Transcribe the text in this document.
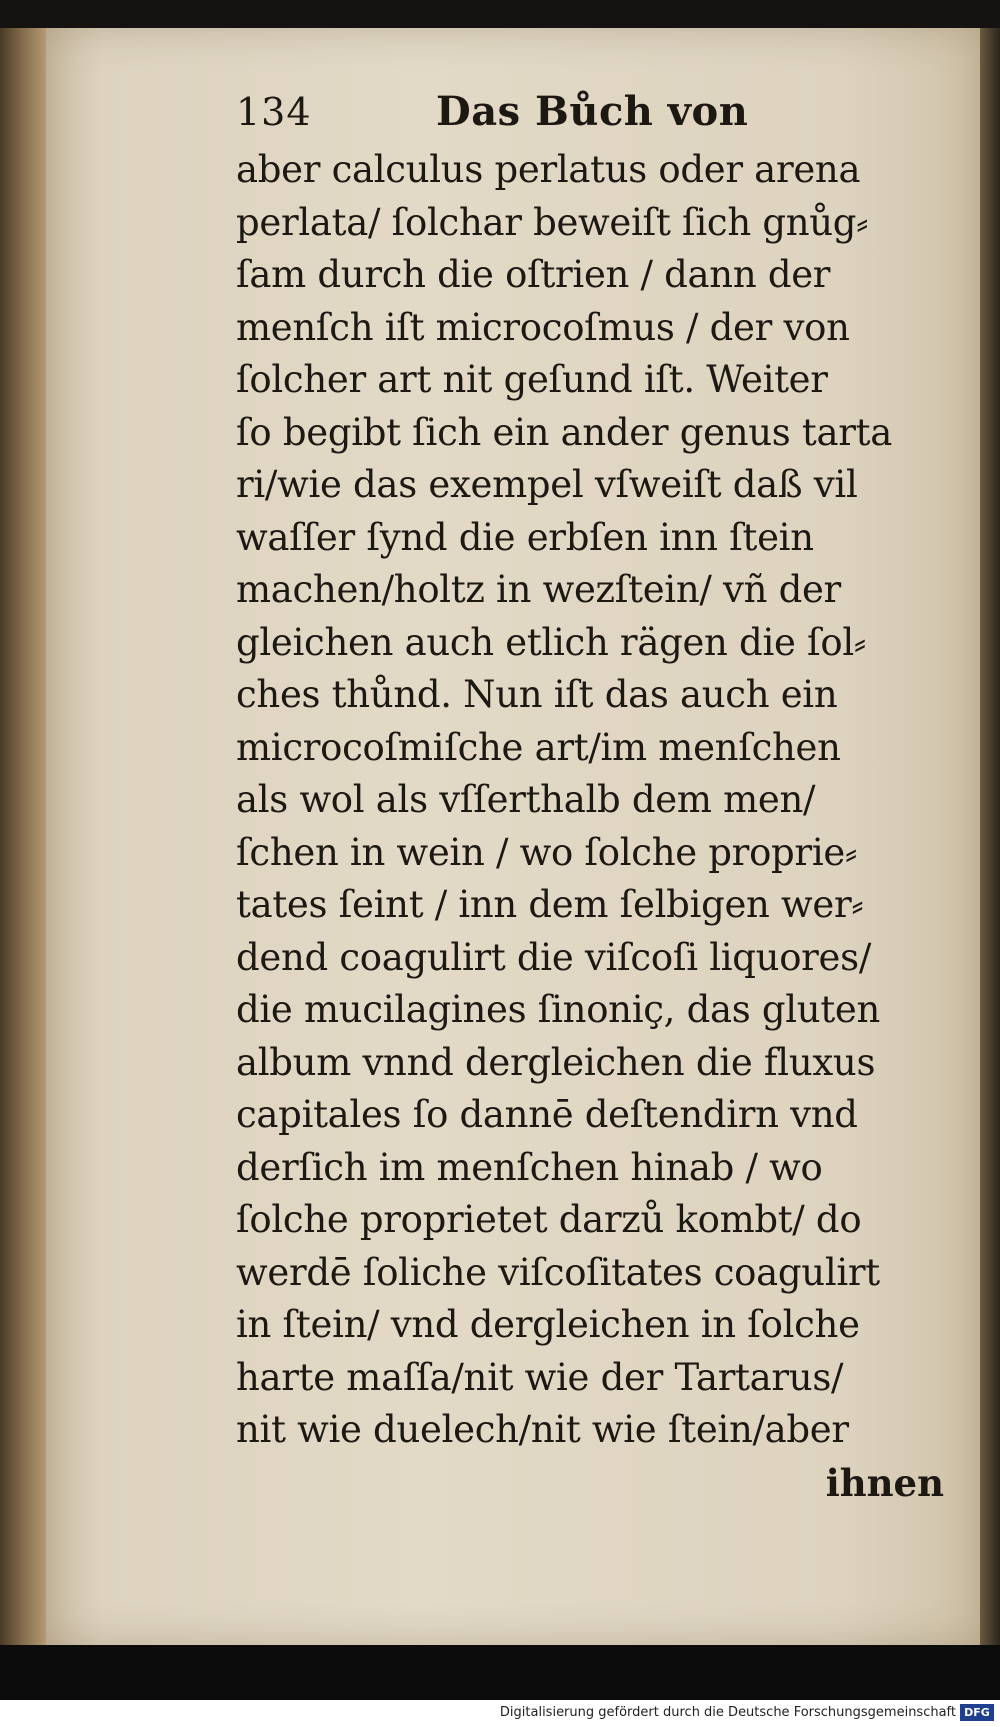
134	Das Bůch von
aber calculus perlatus oder arena
perlata/ ſolchar beweiſt ſich gnůg⸗
ſam durch die oſtrien / dann der
menſch iſt microcoſmus / der von
ſolcher art nit geſund iſt. Weiter
ſo begibt ſich ein ander genus tarta
ri/wie das exempel vſweiſt daß vil
waſſer ſynd die erbſen inn ſtein
machen/holtz in wezſtein/ vñ der
gleichen auch etlich rägen die ſol⸗
ches thůnd. Nun iſt das auch ein
microcoſmiſche art/im menſchen
als wol als vſſerthalb dem men/
ſchen in wein / wo ſolche proprie⸗
tates ſeint / inn dem ſelbigen wer⸗
dend coagulirt die viſcoſi liquores/
die mucilagines ſinoniç, das gluten
album vnnd dergleichen die fluxus
capitales ſo dannē deſtendirn vnd
derſich im menſchen hinab / wo
ſolche proprietet darzů kombt/ do
werdē ſoliche viſcoſitates coagulirt
in ſtein/ vnd dergleichen in ſolche
harte maſſa/nit wie der Tartarus/
nit wie duelech/nit wie ſtein/aber
ihnen
Digitalisierung gefördert durch die Deutsche Forschungsgemeinschaft DFG
